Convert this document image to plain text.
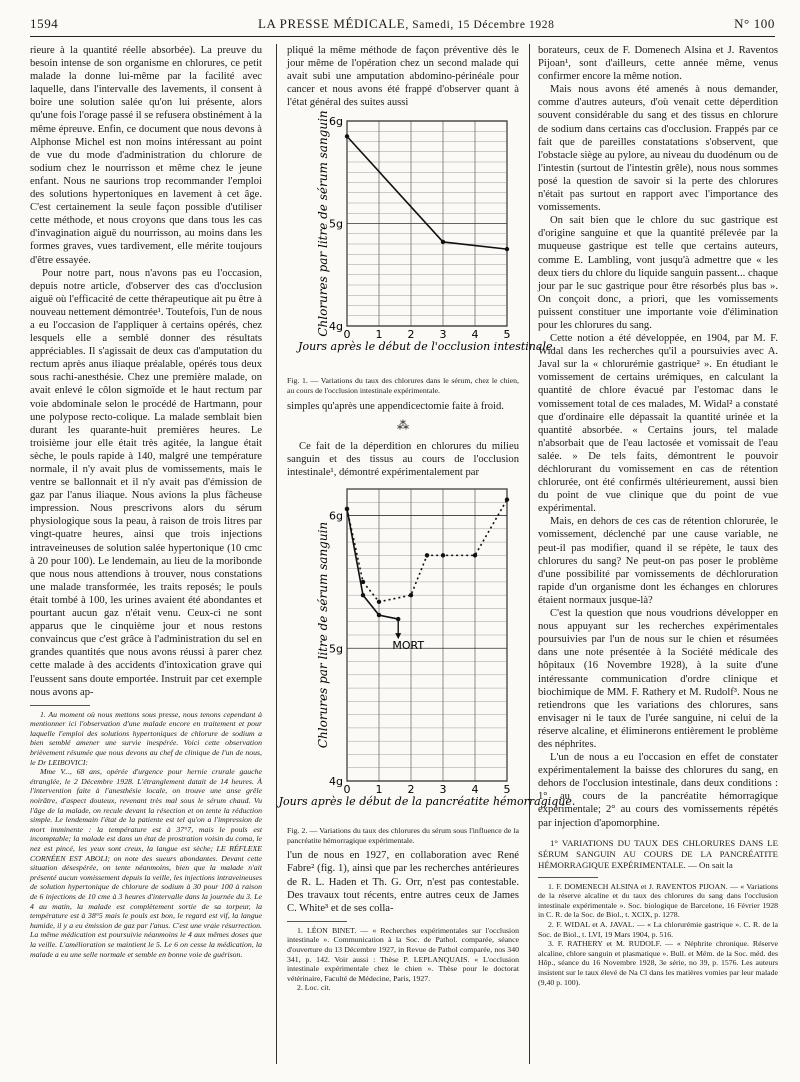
1594	LA PRESSE MÉDICALE, Samedi, 15 Décembre 1928	N° 100

rieure à la quantité réelle absorbée). La preuve du besoin intense de son organisme en chlorures, ce petit malade la donne lui-même par la facilité avec laquelle, dans l'intervalle des lavements, il consent à boire une solution salée qu'on lui présente, alors qu'une fois l'orage passé il se refusera obstinément à la même épreuve. Enfin, ce document que nous devons à Alphonse Michel est non moins intéressant au point de vue du mode d'administration du chlorure de sodium chez le nourrisson et même chez le jeune enfant. Nous ne saurions trop recommander l'emploi des solutions hypertoniques en lavement à cet âge. C'est certainement la seule façon possible d'utiliser cette méthode, et nous croyons que dans tous les cas d'invagination aiguë du nourrisson, au moins dans les formes graves, vues tardivement, elle mérite toujours d'être essayée.

Pour notre part, nous n'avons pas eu l'occasion, depuis notre article, d'observer des cas d'occlusion aiguë où l'efficacité de cette thérapeutique ait pu être à nouveau nettement démontrée¹. Toutefois, l'un de nous a eu l'occasion de l'appliquer à certains opérés, chez lesquels elle a semblé donner des résultats appréciables. Il s'agissait de deux cas d'amputation du rectum après anus iliaque préalable, opérés tous deux sous rachi-anesthésie. Chez une première malade, on avait enlevé le côlon sigmoïde et le haut rectum par voie abdominale selon le procédé de Hartmann, pour une polypose recto-colique. La malade semblait bien durant les quarante-huit premières heures. Le troisième jour elle était très agitée, la langue était sèche, le pouls rapide à 140, malgré une température normale, il n'y avait plus de vomissements, mais le ventre se ballonnait et il n'y avait pas d'émission de gaz par l'anus iliaque. Nous avions la plus fâcheuse impression. Nous prescrivons alors du sérum physiologique sous la peau, à raison de trois litres par vingt-quatre heures, ainsi que trois injections intraveineuses de solution salée hypertonique (10 cmc à 20 pour 100). Le lendemain, au lieu de la moribonde que nous nous attendions à trouver, nous constations une malade transformée, les traits reposés; le pouls était tombé à 100, les urines avaient été abondantes et pourtant aucun gaz n'était venu. Ceux-ci ne sont apparus que le cinquième jour et nous restons convaincus que c'est grâce à l'administration du sel en grandes quantités que nous avons réussi à parer chez cette malade à des accidents d'intoxication grave qui l'eussent sans doute emportée. Instruit par cet exemple nous avons ap-

1. Au moment où nous mettons sous presse, nous tenons cependant à mentionner ici l'observation d'une malade encore en traitement et pour laquelle l'emploi des solutions hypertoniques de chlorure de sodium a bien semblé amener une survie inespérée. Voici cette observation brièvement résumée que nous devons au chef de clinique de l'un de nous, le Dr LEIBOVICI:

Mme V..., 68 ans, opérée d'urgence pour hernie crurale gauche étranglée, le 2 Décembre 1928. L'étranglement datait de 14 heures. À l'intervention faite à l'anesthésie locale, on trouve une anse grêle noirâtre, d'aspect douteux, revenant très mal sous le sérum chaud. Vu l'âge de la malade, on recule devant la résection et on tente la réduction simple. Le lendemain l'état de la patiente est tel qu'on a l'impression de mort imminente : la température est à 37°7, mais le pouls est incomptable; la malade est dans un état de prostration voisin du coma, le nez est pincé, les yeux sont creux, la langue est sèche; LE RÉFLEXE CORNÉEN EST ABOLI; on note des sueurs abondantes. Devant cette situation désespérée, on tente néanmoins, bien que la malade n'ait présenté aucun vomissement depuis la veille, les injections intraveineuses de solution hypertonique de chlorure de sodium à 30 pour 100 à raison de 6 injections de 10 cme à 3 heures d'intervalle dans la journée du 3. Le 4 au matin, la malade est complètement sortie de sa torpeur, la température est à 38°5 mais le pouls est bon, le regard est vif, la langue humide, il y a eu émission de gaz par l'anus. C'est une vraie résurrection. La même médication est poursuivie néanmoins le 4 aux mêmes doses que la veille. L'amélioration se maintient le 5. Le 6 on cesse la médication, la malade a eu une selle normale et semble en bonne voie de guérison.

pliqué la même méthode de façon préventive dès le jour même de l'opération chez un second malade qui avait subi une amputation abdomino-périnéale pour cancer et nous avons été frappé d'observer quant à l'état général des suites aussi

6g
5g
4g
0 1 2 3 4 5
Chlorures par litre de sérum sanguin
Jours après le début de l'occlusion intestinale.
Fig. 1. — Variations du taux des chlorures dans le sérum, chez le chien, au cours de l'occlusion intestinale expérimentale.

simples qu'après une appendicectomie faite à froid.

⁂

Ce fait de la déperdition en chlorures du milieu sanguin et des tissus au cours de l'occlusion intestinale¹, démontré expérimentalement par

6g
5g
4g
0 1 2 3 4 5
Chlorures par litre de sérum sanguin
Jours après le début de la pancréatite hémorragique.
MORT
Fig. 2. — Variations du taux des chlorures du sérum sous l'influence de la pancréatite hémorragique expérimentale.

l'un de nous en 1927, en collaboration avec René Fabre² (fig. 1), ainsi que par les recherches antérieures de R. L. Haden et Th. G. Orr, n'est pas contestable. Des travaux tout récents, entre autres ceux de James C. White³ et de ses colla-

1. LÉON BINET. — « Recherches expérimentales sur l'occlusion intestinale ». Communication à la Soc. de Pathol. comparée, séance d'ouverture du 13 Décembre 1927, in Revue de Pathol comparée, nos 340 341, p. 142. Voir aussi : Thèse P. LEPLANQUAIS. « L'occlusion intestinale expérimentale chez le chien ». Thèse pour le doctorat vétérinaire, Faculté de Médecine, Paris, 1927.

2. Loc. cit.

borateurs, ceux de F. Domenech Alsina et J. Raventos Pijoan¹, sont d'ailleurs, cette année même, venus confirmer encore la même notion.

Mais nous avons été amenés à nous demander, comme d'autres auteurs, d'où venait cette déperdition souvent considérable du sang et des tissus en chlorure de sodium dans certains cas d'occlusion. Frappés par ce fait que de pareilles constatations s'observent, que l'obstacle siège au pylore, au niveau du duodénum ou de l'intestin (surtout de l'intestin grêle), nous nous sommes posé la question de savoir si la perte des chlorures n'était pas surtout en rapport avec l'importance des vomissements.

On sait bien que le chlore du suc gastrique est d'origine sanguine et que la quantité prélevée par la muqueuse gastrique est telle que certains auteurs, comme E. Lambling, vont jusqu'à admettre que « les deux tiers du chlore du liquide sanguin passent... chaque jour par le suc gastrique pour être résorbés plus bas ». On conçoit donc, a priori, que les vomissements puissent constituer une importante voie d'élimination pour les chlorures du sang.

Cette notion a été développée, en 1904, par M. F. Widal dans les recherches qu'il a poursuivies avec A. Javal sur la « chlorurémie gastrique² ». En étudiant le vomissement de certains urémiques, en calculant la quantité de chlore évacué par l'estomac dans le vomissement total de ces malades, M. Widal² a constaté que d'ordinaire elle dépassait la quantité urinée et la quantité absorbée. « Certains jours, tel malade n'absorbait que de l'eau lactosée et vomissait de l'eau salée. » De tels faits, démontrent le pouvoir déchlorurant du vomissement en cas de rétention chlorurée, ont été confirmés ultérieurement, aussi bien du point de vue clinique que du point de vue expérimental.

Mais, en dehors de ces cas de rétention chlorurée, le vomissement, déclenché par une cause variable, ne peut-il pas modifier, quand il se répète, le taux des chlorures du sang? Ne peut-on pas poser le problème d'une possibilité par vomissements de déchloruration rapide d'un organisme dont les échanges en chlorures étaient normaux jusque-là?

C'est la question que nous voudrions développer en nous appuyant sur les recherches expérimentales poursuivies par l'un de nous sur le chien et résumées dans une note présentée à la Société médicale des hôpitaux (16 Novembre 1928), à la suite d'une intéressante communication d'ordre clinique et biochimique de MM. F. Rathery et M. Rudolf³. Nous ne retiendrons que les variations des chlorures, sans envisager ni le taux de l'urée sanguine, ni celui de la réserve alcaline, et éliminerons entièrement le problème des néphrites.

L'un de nous a eu l'occasion en effet de constater expérimentalement la baisse des chlorures du sang, en dehors de l'occlusion intestinale, dans deux conditions : 1° au cours de la pancréatite hémorragique expérimentale; 2° au cours des vomissements répétés par injection d'apomorphine.

1° VARIATIONS DU TAUX DES CHLORURES DANS LE SÉRUM SANGUIN AU COURS DE LA PANCRÉATITE HÉMORRAGIQUE EXPÉRIMENTALE. — On sait la

1. F. DOMENECH ALSINA et J. RAVENTOS PIJOAN. — « Variations de la réserve alcaline et du taux des chlorures du sang dans l'occlusion intestinale expérimentale ». Soc. biologique de Barcelone, 16 Février 1928 in C. R. de la Soc. de Biol., t. XCIX, p. 1278.

2. F. WIDAL et A. JAVAL. — « La chlorurémie gastrique ». C. R. de la Soc. de Biol., t. LVI, 19 Mars 1904, p. 516.

3. F. RATHERY et M. RUDOLF. — « Néphrite chronique. Réserve alcaline, chlore sanguin et plasmatique ». Bull. et Mém. de la Soc. méd. des Hôp., séance du 16 Novembre 1928, 3e série, no 39, p. 1576. Les auteurs insistent sur le taux élevé de Na Cl dans les matières vomies par leur malade (9,40 p. 100).
